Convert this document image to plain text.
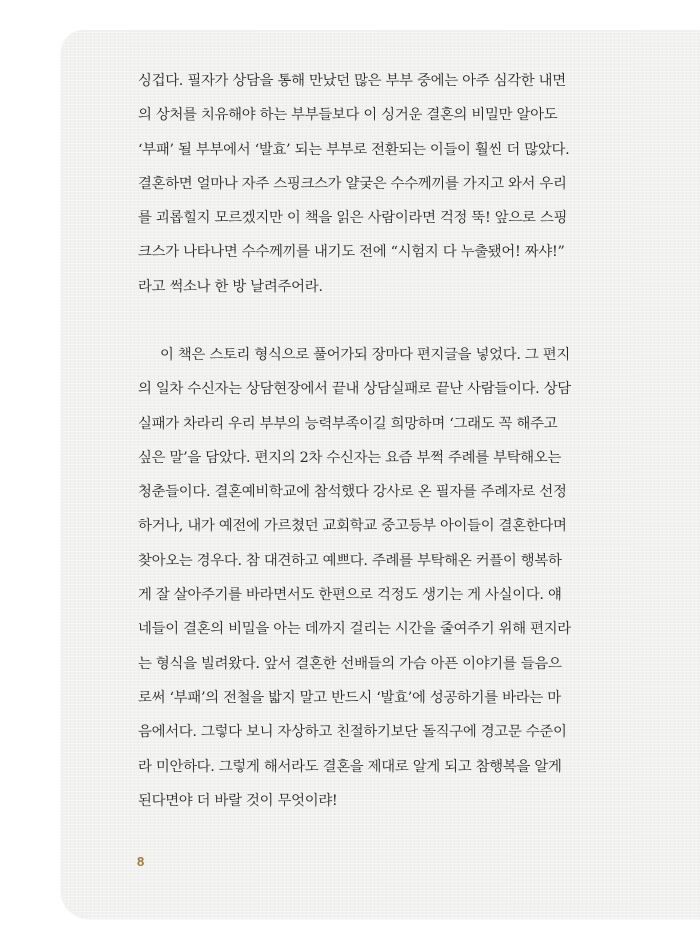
싱겁다. 필자가 상담을 통해 만났던 많은 부부 중에는 아주 심각한 내면
의 상처를 치유해야 하는 부부들보다 이 싱거운 결혼의 비밀만 알아도
‘부패’ 될 부부에서 ‘발효’ 되는 부부로 전환되는 이들이 훨씬 더 많았다.
결혼하면 얼마나 자주 스핑크스가 얄궂은 수수께끼를 가지고 와서 우리
를 괴롭힐지 모르겠지만 이 책을 읽은 사람이라면 걱정 뚝! 앞으로 스핑
크스가 나타나면 수수께끼를 내기도 전에 “시험지 다 누출됐어! 짜샤!”
라고 썩소나 한 방 날려주어라.
이 책은 스토리 형식으로 풀어가되 장마다 편지글을 넣었다. 그 편지
의 일차 수신자는 상담현장에서 끝내 상담실패로 끝난 사람들이다. 상담
실패가 차라리 우리 부부의 능력부족이길 희망하며 ‘그래도 꼭 해주고
싶은 말’을 담았다. 편지의 2차 수신자는 요즘 부쩍 주례를 부탁해오는
청춘들이다. 결혼예비학교에 참석했다 강사로 온 필자를 주례자로 선정
하거나, 내가 예전에 가르쳤던 교회학교 중고등부 아이들이 결혼한다며
찾아오는 경우다. 참 대견하고 예쁘다. 주례를 부탁해온 커플이 행복하
게 잘 살아주기를 바라면서도 한편으로 걱정도 생기는 게 사실이다. 얘
네들이 결혼의 비밀을 아는 데까지 걸리는 시간을 줄여주기 위해 편지라
는 형식을 빌려왔다. 앞서 결혼한 선배들의 가슴 아픈 이야기를 들음으
로써 ‘부패’의 전철을 밟지 말고 반드시 ‘발효’에 성공하기를 바라는 마
음에서다. 그렇다 보니 자상하고 친절하기보단 돌직구에 경고문 수준이
라 미안하다. 그렇게 해서라도 결혼을 제대로 알게 되고 참행복을 알게
된다면야 더 바랄 것이 무엇이랴!
8
